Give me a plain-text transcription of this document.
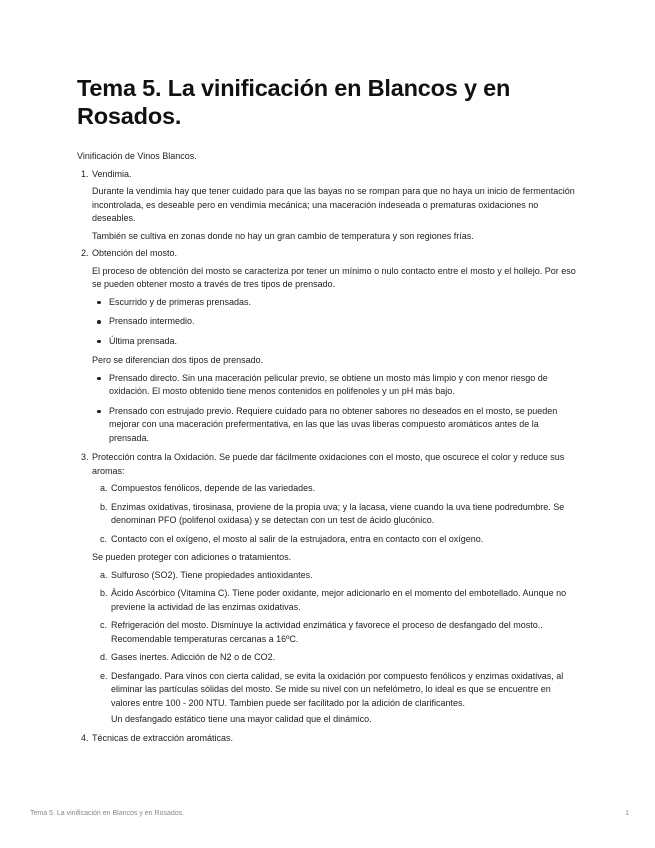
Tema 5. La vinificación en Blancos y en Rosados.

Vinificación de Vinos Blancos.

1. Vendimia.

Durante la vendimia hay que tener cuidado para que las bayas no se rompan para que no haya un inicio de fermentación incontrolada, es deseable pero en vendimia mecánica; una maceración indeseada o prematuras oxidaciones no deseables.

También se cultiva en zonas donde no hay un gran cambio de temperatura y son regiones frías.

2. Obtención del mosto.

El proceso de obtención del mosto se caracteriza por tener un mínimo o nulo contacto entre el mosto y el hollejo. Por eso se pueden obtener mosto a través de tres tipos de prensado.

Escurrido y de primeras prensadas.
Prensado intermedio.
Última prensada.

Pero se diferencian dos tipos de prensado.

Prensado directo. Sin una maceración pelicular previo, se obtiene un mosto más limpio y con menor riesgo de oxidación. El mosto obtenido tiene menos contenidos en polifenoles y un pH más bajo.
Prensado con estrujado previo. Requiere cuidado para no obtener sabores no deseados en el mosto, se pueden mejorar con una maceración prefermentativa, en las que las uvas liberas compuesto aromáticos antes de la prensada.
3. Protección contra la Oxidación. Se puede dar fácilmente oxidaciones con el mosto, que oscurece el color y reduce sus aromas:

a. Compuestos fenólicos, depende de las variedades.
b. Enzimas oxidativas, tirosinasa, proviene de la propia uva; y la lacasa, viene cuando la uva tiene podredumbre. Se denominan PFO (polifenol oxidasa) y se detectan con un test de ácido glucónico.
c. Contacto con el oxígeno, el mosto al salir de la estrujadora, entra en contacto con el oxígeno.

Se pueden proteger con adiciones o tratamientos.

a. Sulfuroso (SO2). Tiene propiedades antioxidantes.
b. Ácido Ascórbico (Vitamina C). Tiene poder oxidante, mejor adicionarlo en el momento del embotellado. Aunque no previene la actividad de las enzimas oxidativas.
c. Refrigeración del mosto. Disminuye la actividad enzimática y favorece el proceso de desfangado del mosto.. Recomendable temperaturas cercanas a 16ºC.
d. Gases inertes. Adicción de N2 o de CO2.
e. Desfangado. Para vinos con cierta calidad, se evita la oxidación por compuesto fenólicos y enzimas oxidativas, al eliminar las partículas sólidas del mosto. Se mide su nivel con un nefelómetro, lo ideal es que se encuentre en valores entre 100 - 200 NTU. Tambien puede ser facilitado por la adición de clarificantes.

Un desfangado estático tiene una mayor calidad que el dinámico.

4. Técnicas de extracción aromáticas.

Tema 5. La vinificación en Blancos y en Rosados.	1
